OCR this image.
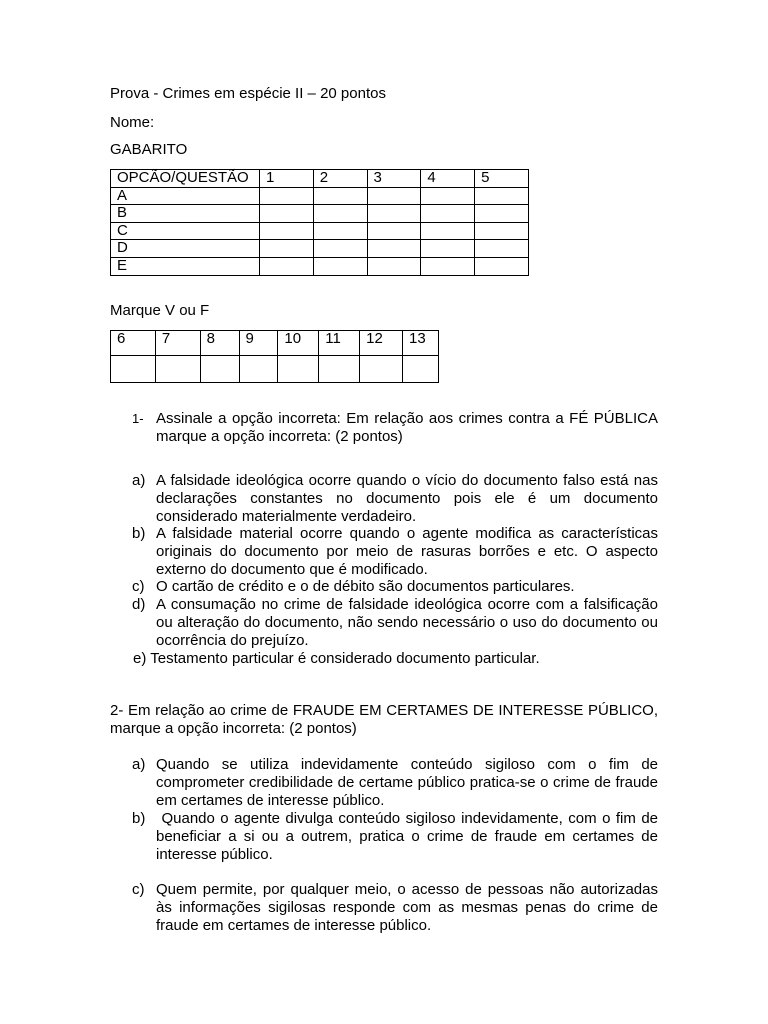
Prova - Crimes em espécie II – 20 pontos
Nome:
GABARITO
OPCÃO/QUESTÃO	1	2	3	4	5
A					
B					
C					
D					
E					
Marque V ou F
6	7	8	9	10	11	12	13

1- Assinale a opção incorreta: Em relação aos crimes contra a FÉ PÚBLICA marque a opção incorreta: (2 pontos)
a) A falsidade ideológica ocorre quando o vício do documento falso está nas declarações constantes no documento pois ele é um documento considerado materialmente verdadeiro.
b) A falsidade material ocorre quando o agente modifica as características originais do documento por meio de rasuras borrões e etc. O aspecto externo do documento que é modificado.
c) O cartão de crédito e o de débito são documentos particulares.
d) A consumação no crime de falsidade ideológica ocorre com a falsificação ou alteração do documento, não sendo necessário o uso do documento ou ocorrência do prejuízo.
e) Testamento particular é considerado documento particular.
2- Em relação ao crime de FRAUDE EM CERTAMES DE INTERESSE PÚBLICO, marque a opção incorreta: (2 pontos)
a) Quando se utiliza indevidamente conteúdo sigiloso com o fim de comprometer credibilidade de certame público pratica-se o crime de fraude em certames de interesse público.
b) Quando o agente divulga conteúdo sigiloso indevidamente, com o fim de beneficiar a si ou a outrem, pratica o crime de fraude em certames de interesse público.
c) Quem permite, por qualquer meio, o acesso de pessoas não autorizadas às informações sigilosas responde com as mesmas penas do crime de fraude em certames de interesse público.
